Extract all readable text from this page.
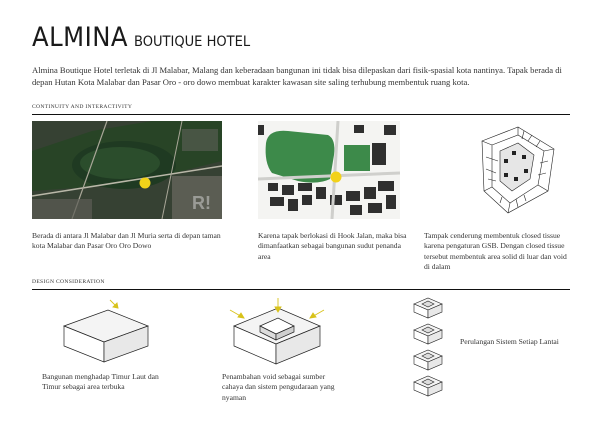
ALMINA BOUTIQUE HOTEL
Almina Boutique Hotel terletak di Jl Malabar, Malang dan keberadaan bangunan ini tidak bisa dilepaskan dari fisik-spasial kota nantinya. Tapak berada di depan Hutan Kota Malabar dan Pasar Oro - oro dowo membuat karakter kawasan site saling terhubung membentuk ruang kota.
CONTINUITY AND INTERACTIVITY
R!
Berada di antara Jl Malabar dan Jl Muria serta di depan taman kota Malabar dan Pasar Oro Oro Dowo
Karena tapak berlokasi di Hook Jalan, maka bisa dimanfaatkan sebagai bangunan sudut penanda area
Tampak cenderung membentuk closed tissue karena pengaturan GSB. Dengan closed tissue tersebut membentuk area solid di luar dan void di dalam
DESIGN CONSIDERATION
Bangunan menghadap Timur Laut dan Timur sebagai area terbuka
Penambahan void sebagai sumber cahaya dan sistem pengudaraan yang nyaman
Perulangan Sistem Setiap Lantai
